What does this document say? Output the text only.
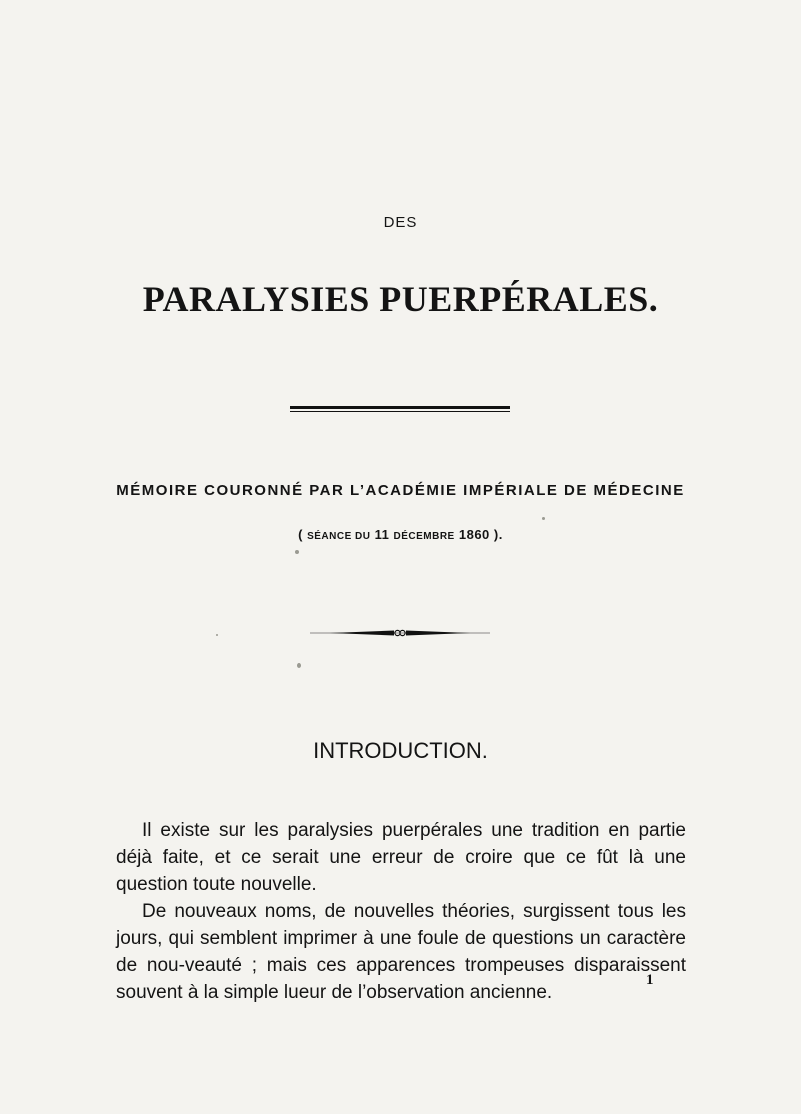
DES
PARALYSIES PUERPÉRALES.
MÉMOIRE COURONNÉ PAR L’ACADÉMIE IMPÉRIALE DE MÉDECINE
( SÉANCE DU 11 DÉCEMBRE 1860 ).
INTRODUCTION.

Il existe sur les paralysies puerpérales une tradition en partie déjà faite, et ce serait une erreur de croire que ce fût là une question toute nouvelle.

De nouveaux noms, de nouvelles théories, surgissent tous les jours, qui semblent imprimer à une foule de questions un caractère de nou-veauté ; mais ces apparences trompeuses disparaissent souvent à la simple lueur de l’observation ancienne.

1
